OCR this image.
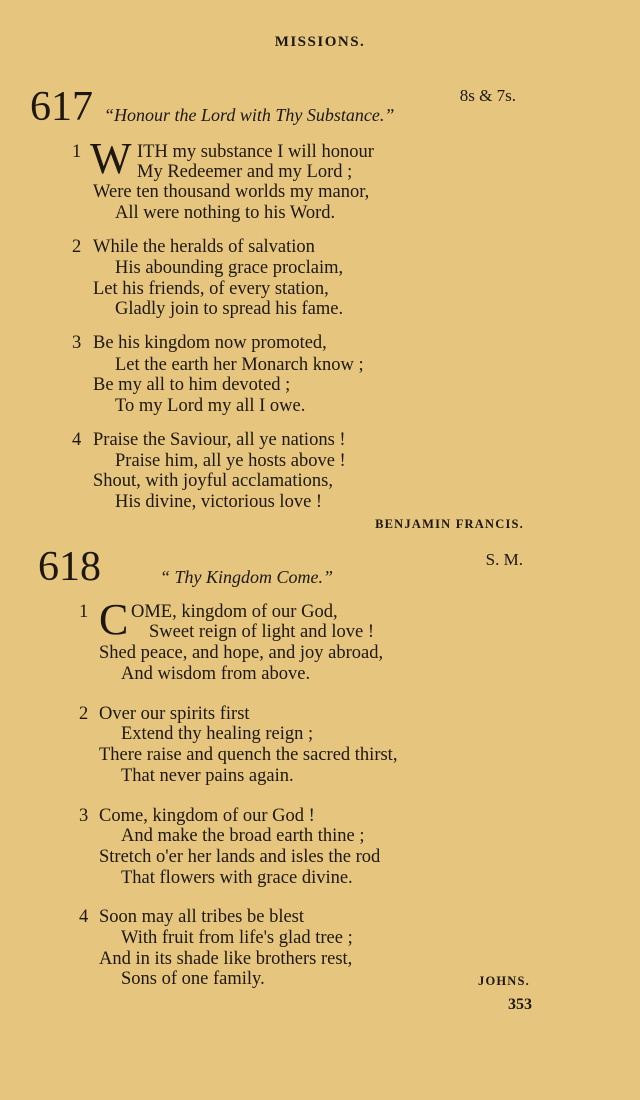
MISSIONS.
617	8s & 7s.
“Honour the Lord with Thy Substance.”
1 W ITH my substance I will honour
My Redeemer and my Lord ;
Were ten thousand worlds my manor,
All were nothing to his Word.
2 While the heralds of salvation
His abounding grace proclaim,
Let his friends, of every station,
Gladly join to spread his fame.
3 Be his kingdom now promoted,
Let the earth her Monarch know ;
Be my all to him devoted ;
To my Lord my all I owe.
4 Praise the Saviour, all ye nations !
Praise him, all ye hosts above !
Shout, with joyful acclamations,
His divine, victorious love !
BENJAMIN FRANCIS.
618	S. M.
“ Thy Kingdom Come.”
1 C OME, kingdom of our God,
Sweet reign of light and love !
Shed peace, and hope, and joy abroad,
And wisdom from above.
2 Over our spirits first
Extend thy healing reign ;
There raise and quench the sacred thirst,
That never pains again.
3 Come, kingdom of our God !
And make the broad earth thine ;
Stretch o'er her lands and isles the rod
That flowers with grace divine.
4 Soon may all tribes be blest
With fruit from life's glad tree ;
And in its shade like brothers rest,
Sons of one family.	JOHNS.
353
